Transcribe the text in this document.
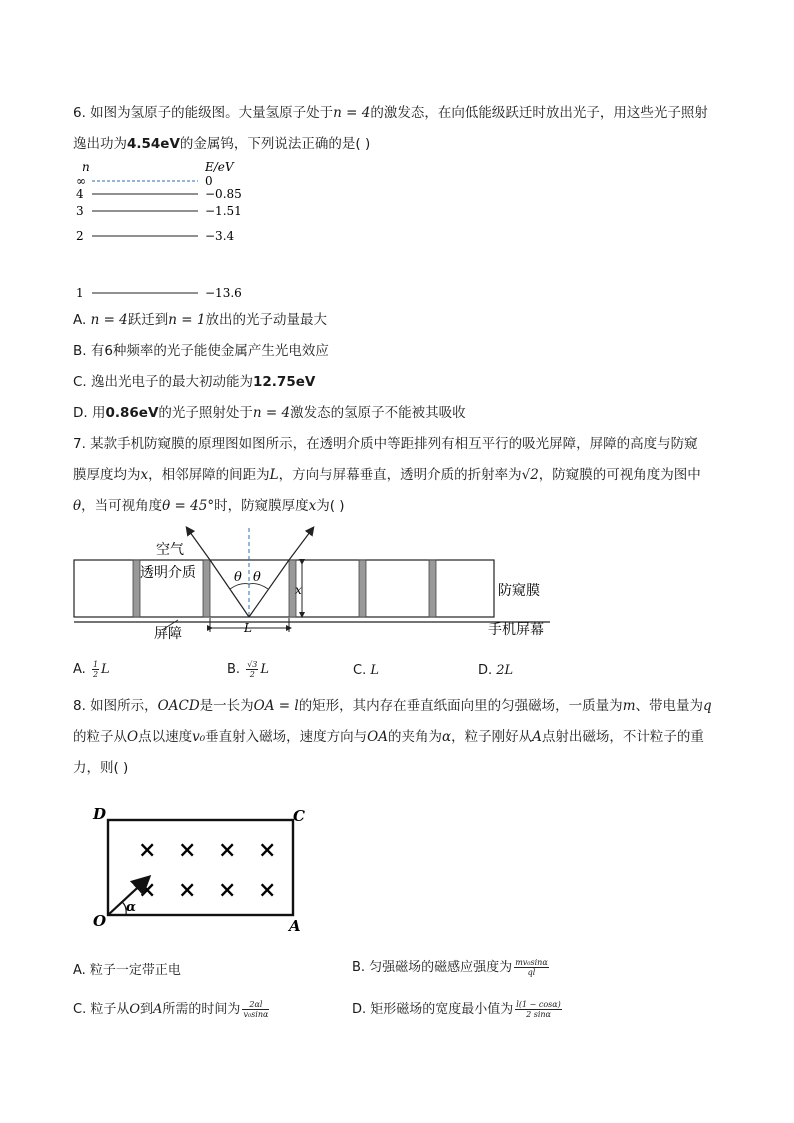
6. 如图为氢原子的能级图。大量氢原子处于n = 4的激发态，在向低能级跃迁时放出光子，用这些光子照射
逸出功为4.54eV的金属钨，下列说法正确的是( )
n	E/eV
∞	0
4	−0.85
3	−1.51
2	−3.4
1	−13.6
A. n = 4跃迁到n = 1放出的光子动量最大
B. 有6种频率的光子能使金属产生光电效应
C. 逸出光电子的最大初动能为12.75eV
D. 用0.86eV的光子照射处于n = 4激发态的氢原子不能被其吸收
7. 某款手机防窥膜的原理图如图所示，在透明介质中等距排列有相互平行的吸光屏障，屏障的高度与防窥
膜厚度均为x，相邻屏障的间距为L，方向与屏幕垂直，透明介质的折射率为√2，防窥膜的可视角度为图中
θ，当可视角度θ = 45°时，防窥膜厚度x为( )
θ θ
x
L
空气
透明介质
防窥膜
屏障	手机屏幕
A. $\frac{1}{2}$ L	B. $\frac{√3}{2}$ L	C. L	D. 2L
8. 如图所示，OACD是一长为OA = l的矩形，其内存在垂直纸面向里的匀强磁场，一质量为m、带电量为q
的粒子从O点以速度v₀垂直射入磁场，速度方向与OA的夹角为α，粒子刚好从A点射出磁场，不计粒子的重
力，则( )
× × × ×
× × × ×
α
D	C
O	A
A. 粒子一定带正电	B. 匀强磁场的磁感应强度为 $\frac{\text{mv₀sinα}}{ql}$
C. 粒子从O到A所需的时间为 $\frac{2\alpha l}{\text{v₀sinα}}$	D. 矩形磁场的宽度最小值为 $\frac{l(1 - \cos\alpha)}{2 \sin\alpha}$
